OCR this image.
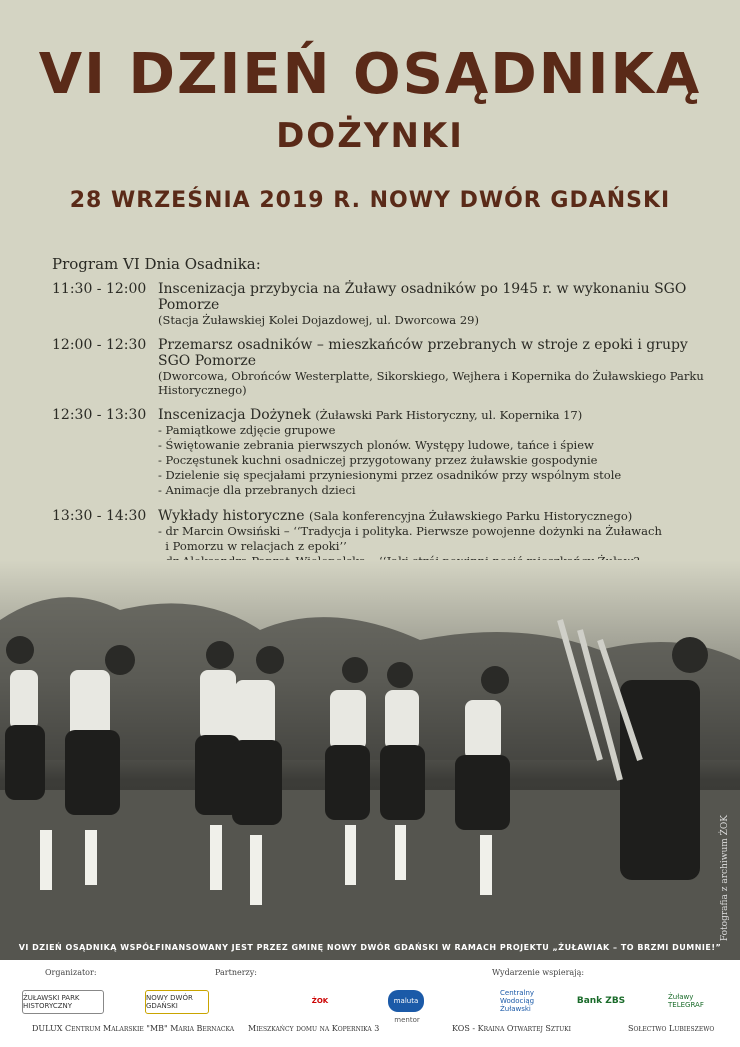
VI DZIEŃ OSĄDNIKĄ
DOŻYNKI
28 WRZEŚNIA 2019 R. NOWY DWÓR GDAŃSKI
Program VI Dnia Osadnika:
11:30 - 12:00 Inscenizacja przybycia na Żuławy osadników po 1945 r. w wykonaniu SGO Pomorze
(Stacja Żuławskiej Kolei Dojazdowej, ul. Dworcowa 29)
12:00 - 12:30 Przemarsz osadników – mieszkańców przebranych w stroje z epoki i grupy SGO Pomorze
(Dworcowa, Obrońców Westerplatte, Sikorskiego, Wejhera i Kopernika do Żuławskiego Parku Historycznego)
12:30 - 13:30 Inscenizacja Dożynek (Żuławski Park Historyczny, ul. Kopernika 17)
- Pamiątkowe zdjęcie grupowe
- Świętowanie zebrania pierwszych plonów. Występy ludowe, tańce i śpiew
- Poczęstunek kuchni osadniczej przygotowany przez żuławskie gospodynie
- Dzielenie się specjałami przyniesionymi przez osadników przy wspólnym stole
- Animacje dla przebranych dzieci
13:30 - 14:30 Wykłady historyczne (Sala konferencyjna Żuławskiego Parku Historycznego)
- dr Marcin Owsiński – ‘‘Tradycja i polityka. Pierwsze powojenne dożynki na Żuławach
i Pomorzu w relacjach z epoki’’
Fotografia z archiwum ŻOK
VI DZIEŃ OSĄDNIKĄ WSPÓŁFINANSOWANY JEST PRZEZ GMINĘ NOWY DWÓR GDAŃSKI W RAMACH PROJEKTU „ŻUŁAWIAK – TO BRZMI DUMNIE!”
Organizator:	Partnerzy:	Wydarzenie wspierają:
ŻUŁAWSKI PARK HISTORYCZNY
NOWY DWÓR GDAŃSKI
ŻOK	maluta
mentor
Centralny Wodociąg Żuławski
Bank ZBS	Żuławy TELEGRAF
DULUX Centrum Malarskie "MB" Maria Bernacka Mieszkańcy domu na Kopernika 3	KOS - Kraina Otwartej Sztuki	Sołectwo Lubieszewo
